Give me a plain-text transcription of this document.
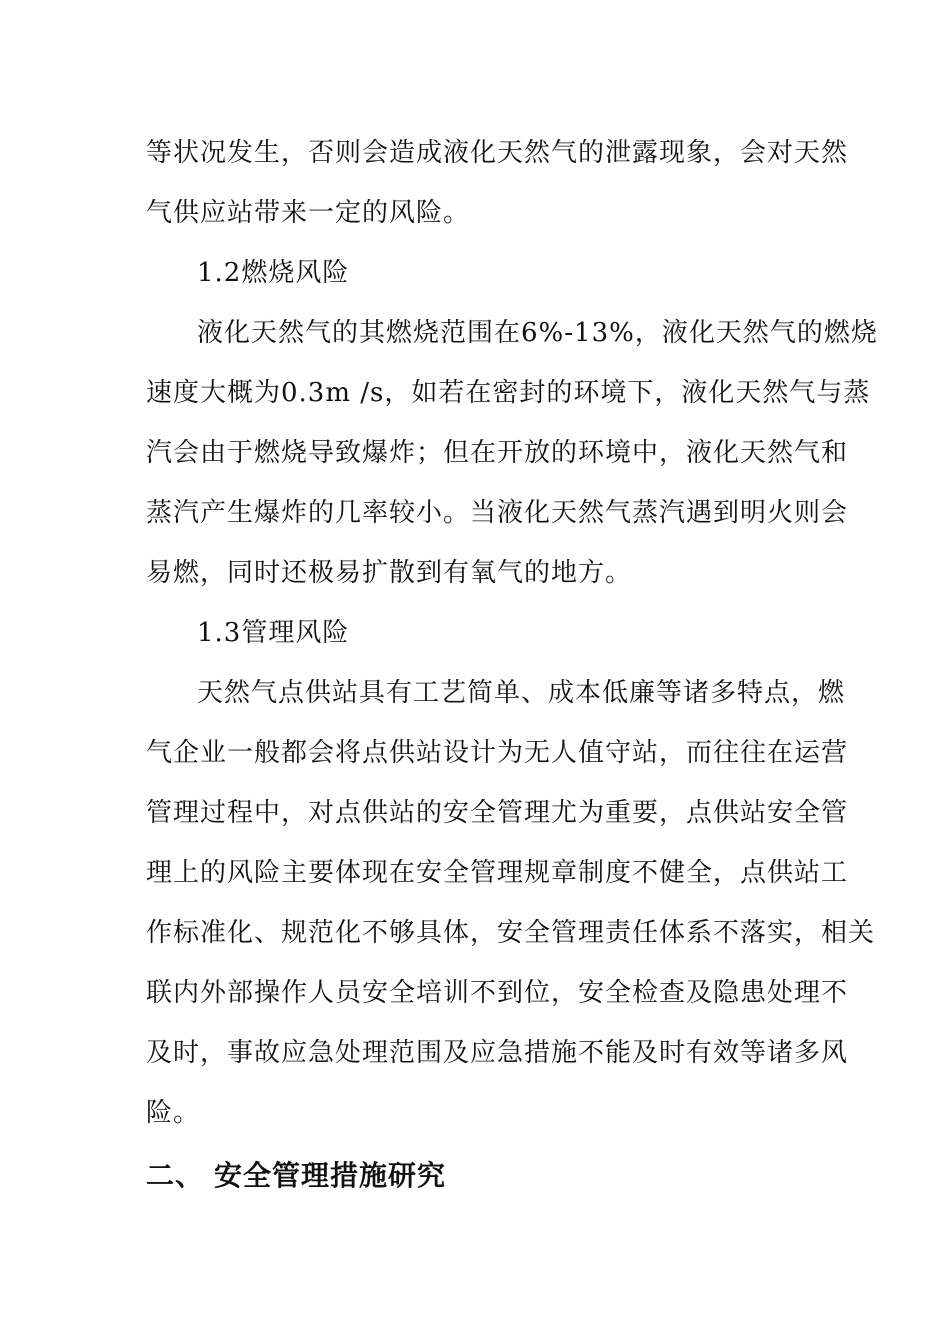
等状况发生，否则会造成液化天然气的泄露现象，会对天然
气供应站带来一定的风险。
1.2燃烧风险
液化天然气的其燃烧范围在6%-13%，液化天然气的燃烧
速度大概为0.3m /s，如若在密封的环境下，液化天然气与蒸
汽会由于燃烧导致爆炸；但在开放的环境中，液化天然气和
蒸汽产生爆炸的几率较小。当液化天然气蒸汽遇到明火则会
易燃，同时还极易扩散到有氧气的地方。
1.3管理风险
天然气点供站具有工艺简单、成本低廉等诸多特点，燃
气企业一般都会将点供站设计为无人值守站，而往往在运营
管理过程中，对点供站的安全管理尤为重要，点供站安全管
理上的风险主要体现在安全管理规章制度不健全，点供站工
作标准化、规范化不够具体，安全管理责任体系不落实，相关
联内外部操作人员安全培训不到位，安全检查及隐患处理不
及时，事故应急处理范围及应急措施不能及时有效等诸多风
险。
二、 安全管理措施研究
